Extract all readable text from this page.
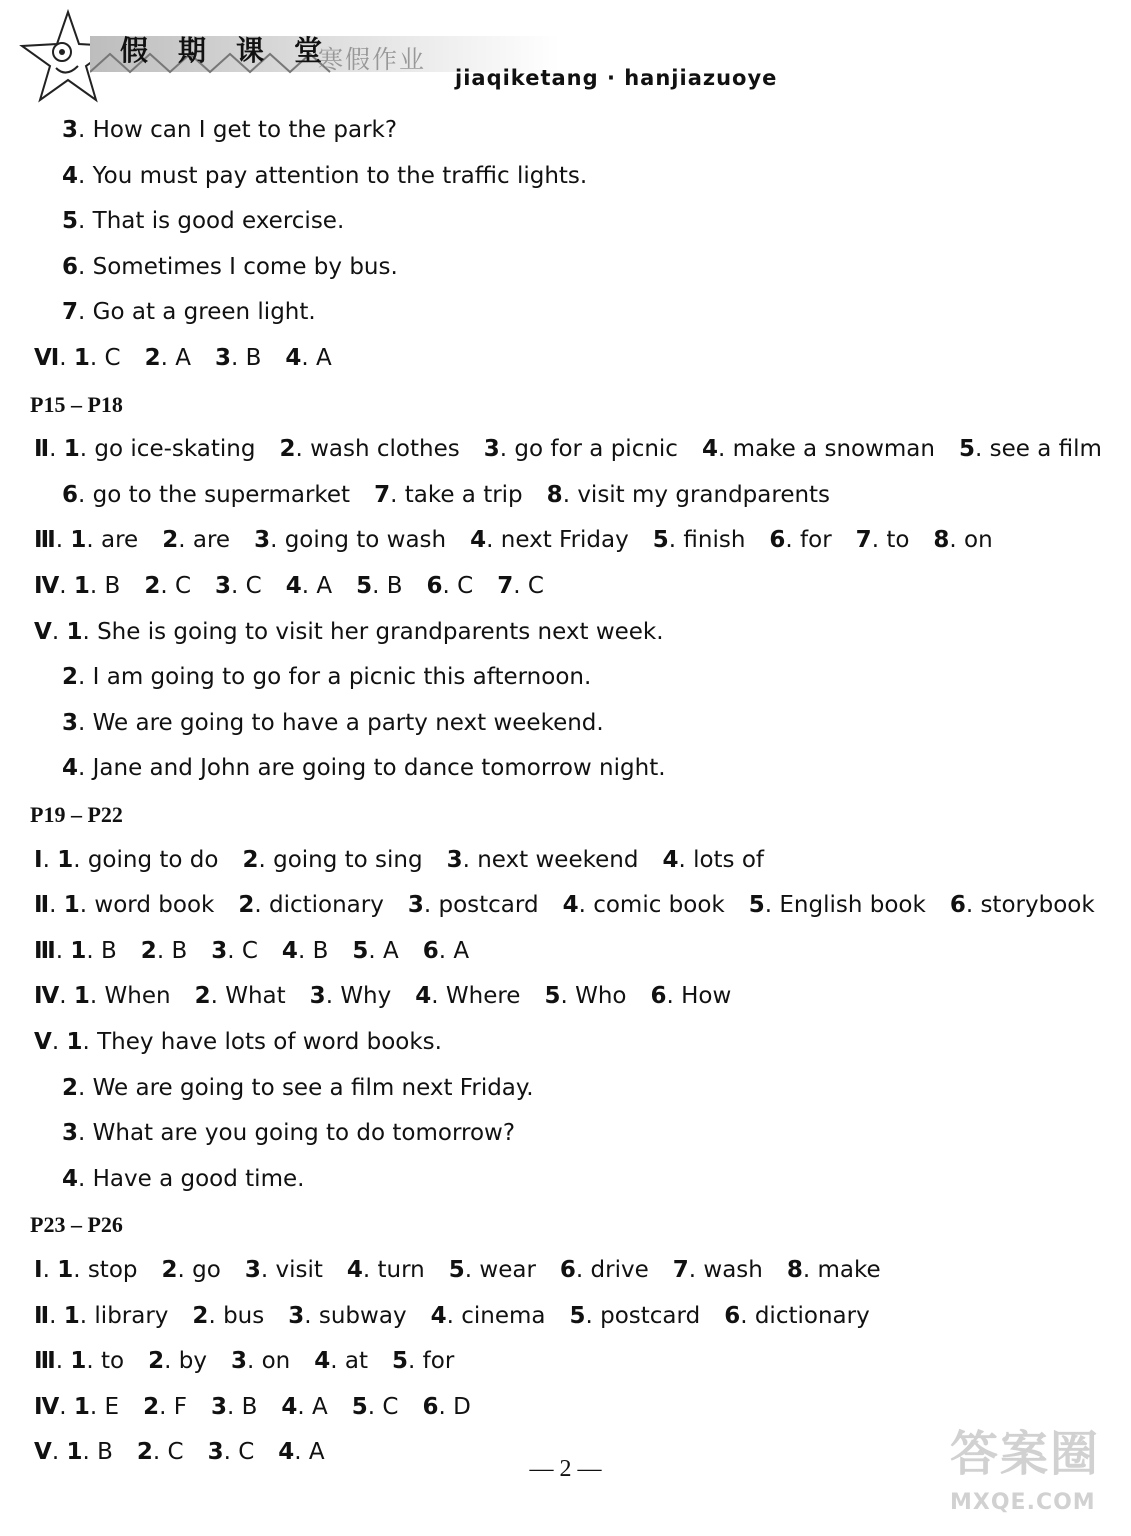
假	期	课	堂
寒假作业
jiaqiketang · hanjiazuoye
3. How can I get to the park?
4. You must pay attention to the traffic lights.
5. That is good exercise.
6. Sometimes I come by bus.
7. Go at a green light.
Ⅵ. 1. C 2. A 3. B 4. A
P15 – P18
Ⅱ. 1. go ice-skating 2. wash clothes 3. go for a picnic 4. make a snowman 5. see a film
6. go to the supermarket 7. take a trip 8. visit my grandparents
Ⅲ. 1. are 2. are 3. going to wash 4. next Friday 5. finish 6. for 7. to 8. on
Ⅳ. 1. B 2. C 3. C 4. A 5. B 6. C 7. C
Ⅴ. 1. She is going to visit her grandparents next week.
2. I am going to go for a picnic this afternoon.
3. We are going to have a party next weekend.
4. Jane and John are going to dance tomorrow night.
P19 – P22
Ⅰ. 1. going to do 2. going to sing 3. next weekend 4. lots of
Ⅱ. 1. word book 2. dictionary 3. postcard 4. comic book 5. English book 6. storybook
Ⅲ. 1. B 2. B 3. C 4. B 5. A 6. A
Ⅳ. 1. When 2. What 3. Why 4. Where 5. Who 6. How
Ⅴ. 1. They have lots of word books.
2. We are going to see a film next Friday.
3. What are you going to do tomorrow?
4. Have a good time.
P23 – P26
Ⅰ. 1. stop 2. go 3. visit 4. turn 5. wear 6. drive 7. wash 8. make
Ⅱ. 1. library 2. bus 3. subway 4. cinema 5. postcard 6. dictionary
Ⅲ. 1. to 2. by 3. on 4. at 5. for
Ⅳ. 1. E 2. F 3. B 4. A 5. C 6. D
Ⅴ. 1. B 2. C 3. C 4. A
— 2 —	答案圈
MXQE.COM
